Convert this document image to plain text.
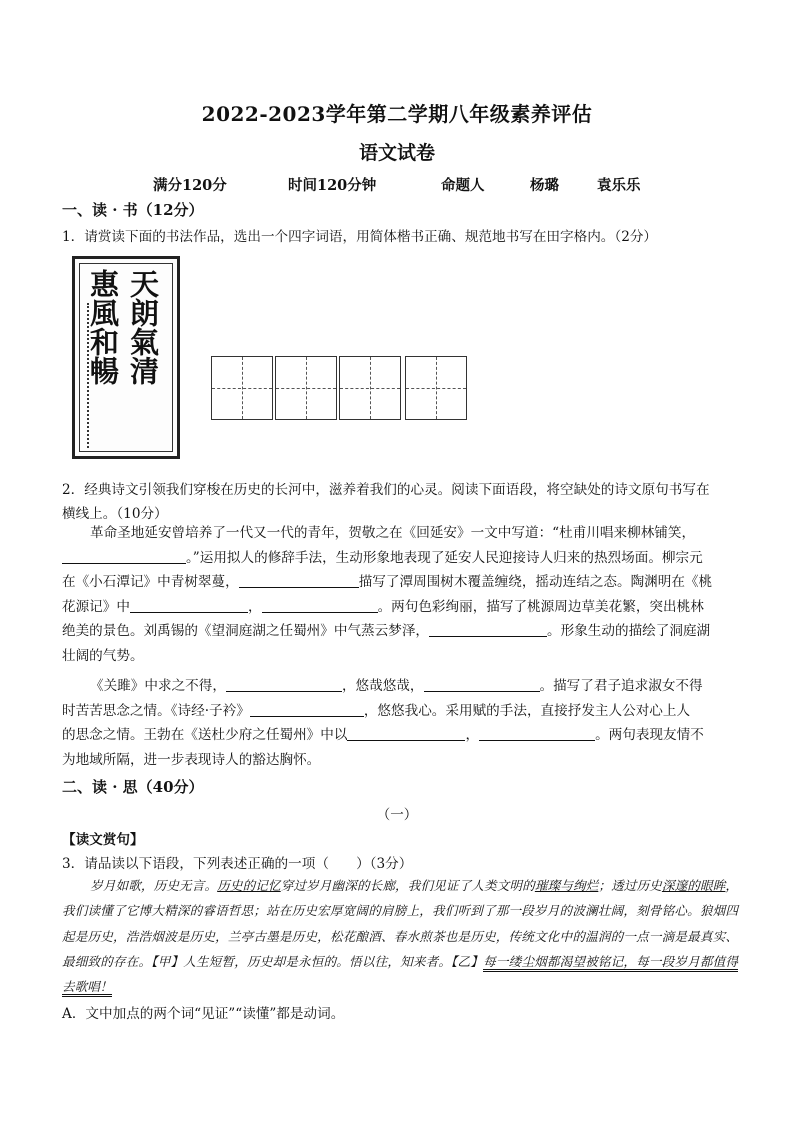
2022-2023学年第二学期八年级素养评估
语文试卷
满分120分	时间120分钟	命题人	杨璐	袁乐乐
一、读 · 书（12分）
1．请赏读下面的书法作品，选出一个四字词语，用简体楷书正确、规范地书写在田字格内。（2分）
天朗氣清
惠風和暢
2．经典诗文引领我们穿梭在历史的长河中，滋养着我们的心灵。阅读下面语段，将空缺处的诗文原句书写在
横线上。（10分）
革命圣地延安曾培养了一代又一代的青年，贺敬之在《回延安》一文中写道：“杜甫川唱来柳林铺笑，
。”运用拟人的修辞手法，生动形象地表现了延安人民迎接诗人归来的热烈场面。柳宗元
在《小石潭记》中青树翠蔓，	描写了潭周围树木覆盖缠绕，摇动连结之态。陶渊明在《桃
花源记》中	，	。两句色彩绚丽，描写了桃源周边草美花繁，突出桃林
绝美的景色。刘禹锡的《望洞庭湖之任蜀州》中气蒸云梦泽，	。形象生动的描绘了洞庭湖
壮阔的气势。
《关雎》中求之不得，	，悠哉悠哉，	。描写了君子追求淑女不得
时苦苦思念之情。《诗经·子衿》	，悠悠我心。采用赋的手法，直接抒发主人公对心上人
的思念之情。王勃在《送杜少府之任蜀州》中以	，	。两句表现友情不
为地域所隔，进一步表现诗人的豁达胸怀。
二、读 · 思（40分）
（一）
【读文赏句】
3．请品读以下语段，下列表述正确的一项（　　）（3分）
岁月如歌，历史无言。历史的记忆穿过岁月幽深的长廊，我们见证了人类文明的璀璨与绚烂；透过历史深邃的眼眸，我们读懂了它博大精深的睿语哲思；站在历史宏厚宽阔的肩膀上，我们听到了那一段岁月的波澜壮阔，刻骨铭心。狼烟四起是历史，浩浩烟波是历史，兰亭古墨是历史，松花酿酒、春水煎茶也是历史，传统文化中的温润的一点一滴是最真实、最细致的存在。【甲】人生短暂，历史却是永恒的。悟以往，知来者。【乙】每一缕尘烟都渴望被铭记，每一段岁月都值得去歌唱！
A．文中加点的两个词“见证”“读懂”都是动词。
